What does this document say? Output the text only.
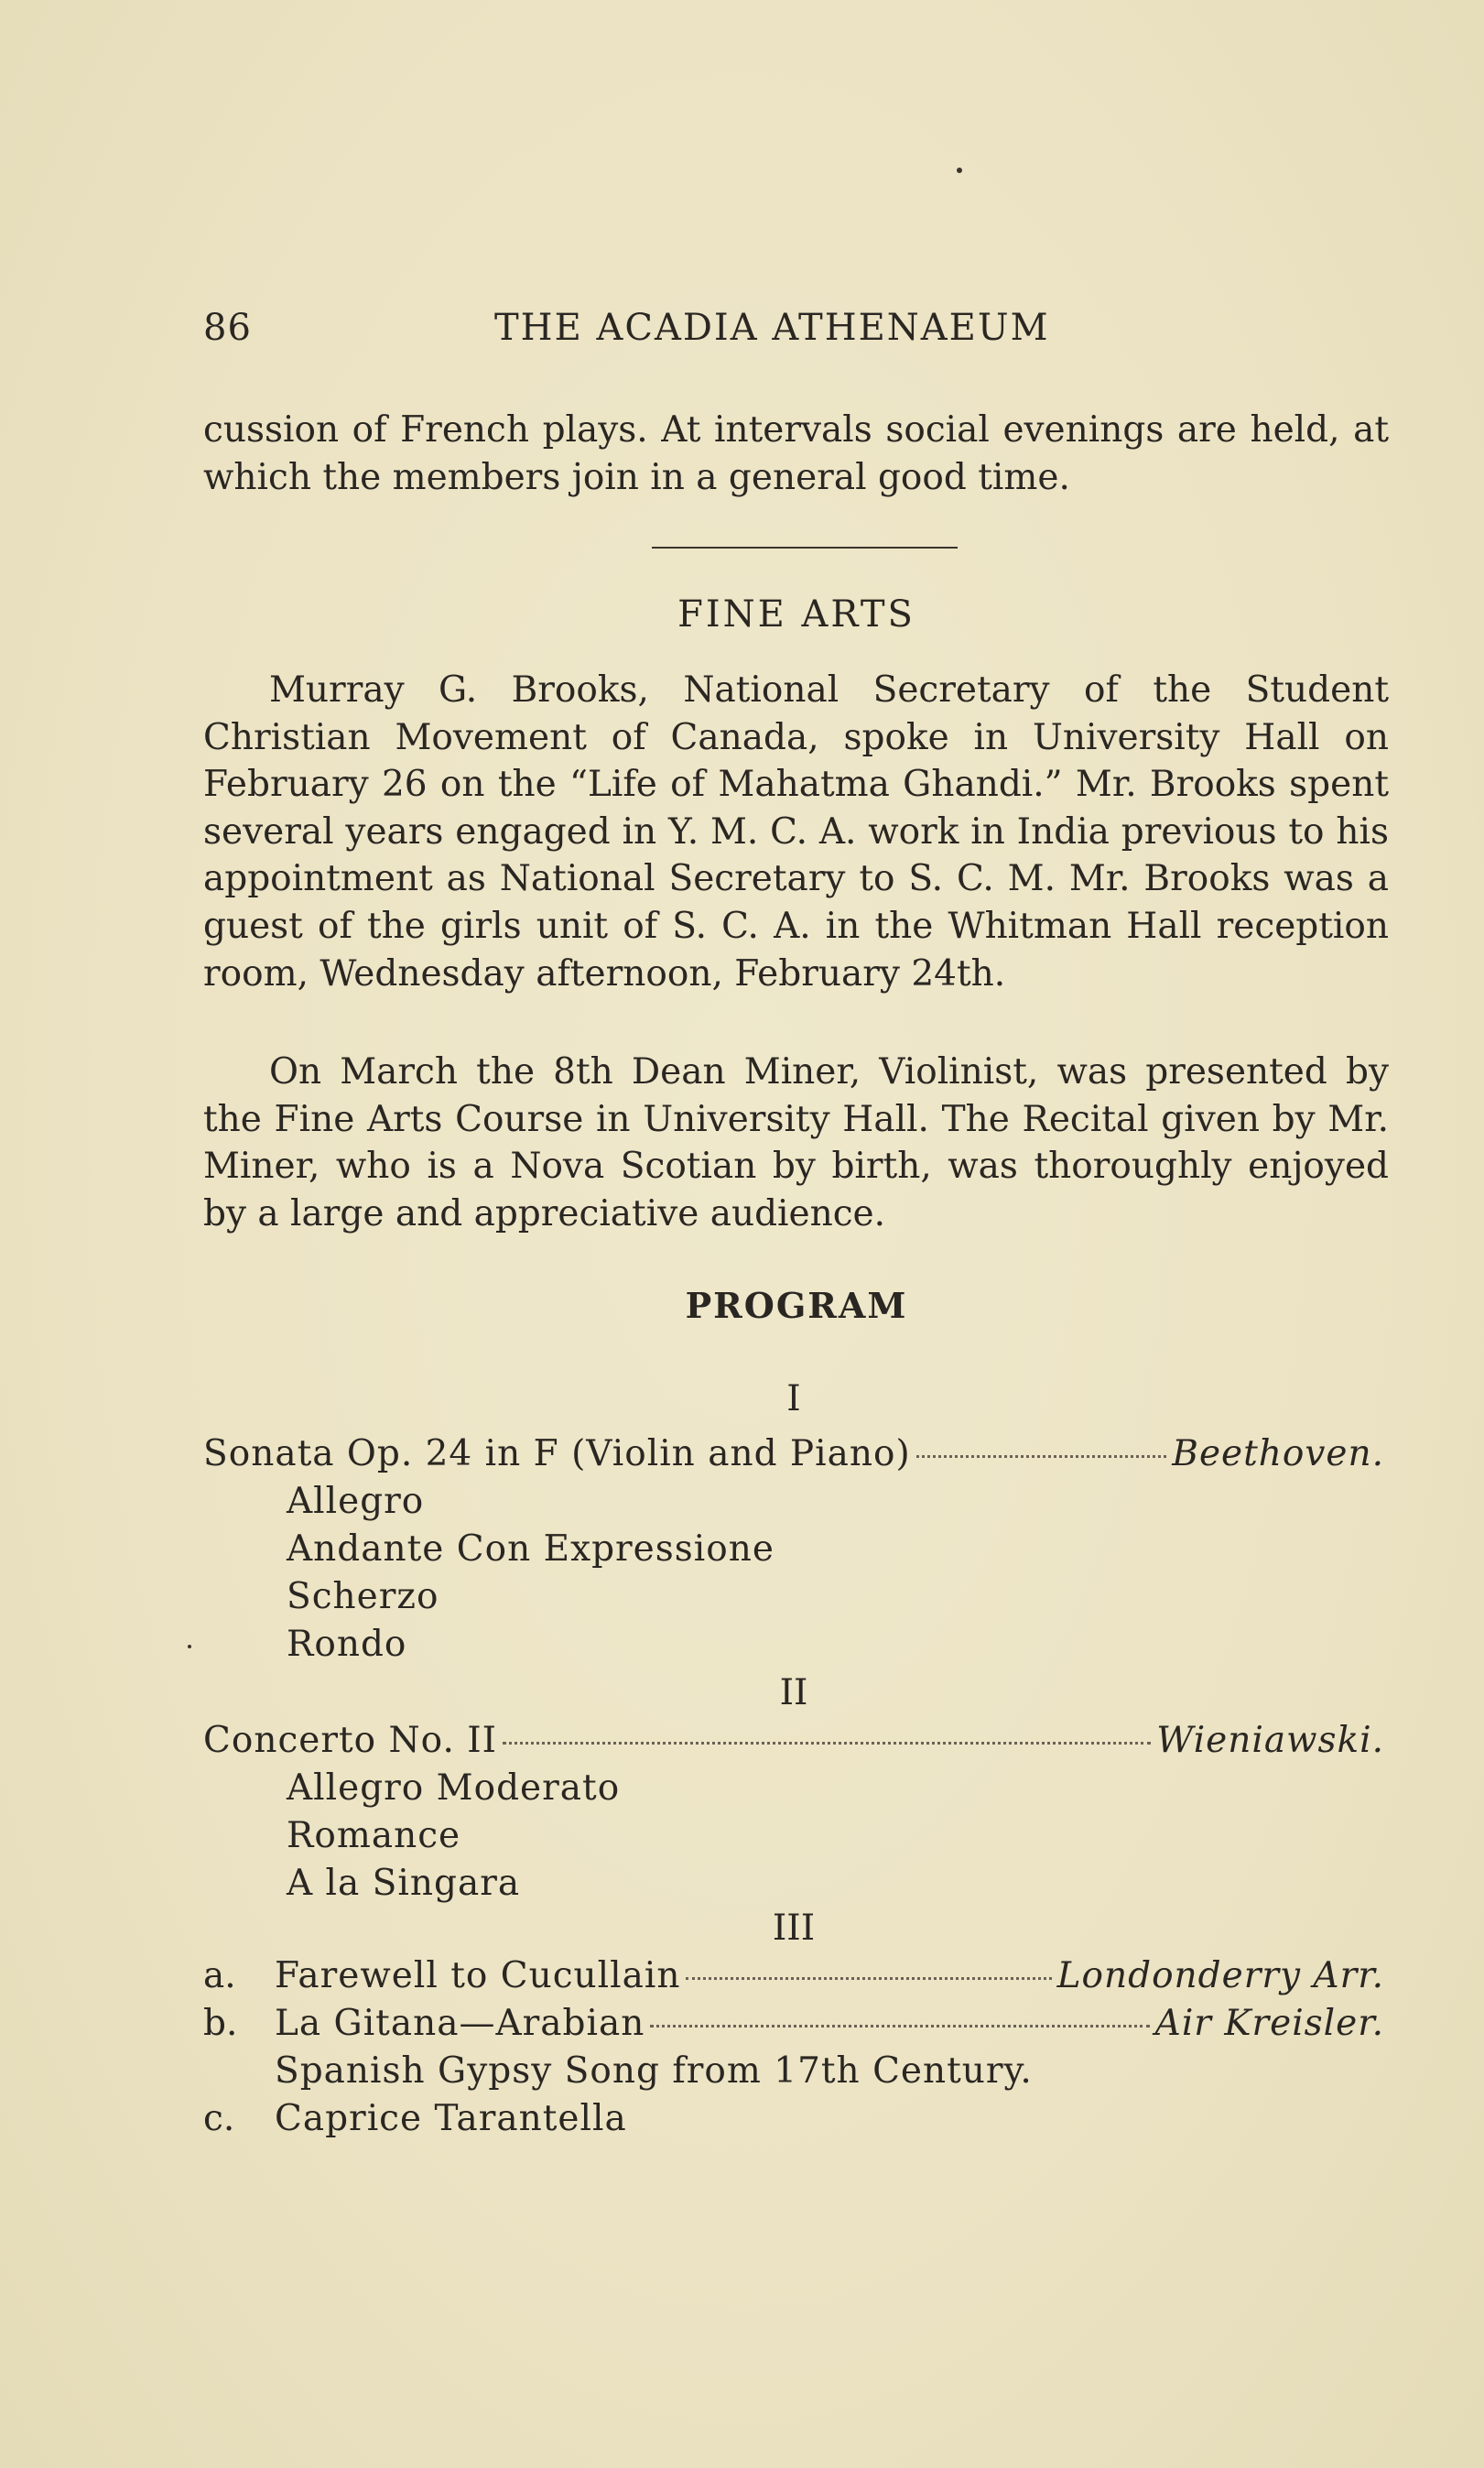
86	THE ACADIA ATHENAEUM

cussion of French plays. At intervals social evenings are held, at which the members join in a general good time.

FINE ARTS

Murray G. Brooks, National Secretary of the Student Christian Movement of Canada, spoke in University Hall on February 26 on the “Life of Mahatma Ghandi.” Mr. Brooks spent several years engaged in Y. M. C. A. work in India previous to his appointment as National Secretary to S. C. M. Mr. Brooks was a guest of the girls unit of S. C. A. in the Whitman Hall reception room, Wednesday afternoon, February 24th.

On March the 8th Dean Miner, Violinist, was presented by the Fine Arts Course in University Hall. The Recital given by Mr. Miner, who is a Nova Scotian by birth, was thoroughly enjoyed by a large and appreciative audience.

PROGRAM
I
Sonata Op. 24 in F (Violin and Piano)	Beethoven.
Allegro
Andante Con Expressione
Scherzo
Rondo
II
Concerto No. II	Wieniawski.
Allegro Moderato
Romance
A la Singara
III
a.	Farewell to Cucullain	Londonderry Arr.
b.	La Gitana—Arabian	Air Kreisler.
Spanish Gypsy Song from 17th Century.
c.	Caprice Tarantella
